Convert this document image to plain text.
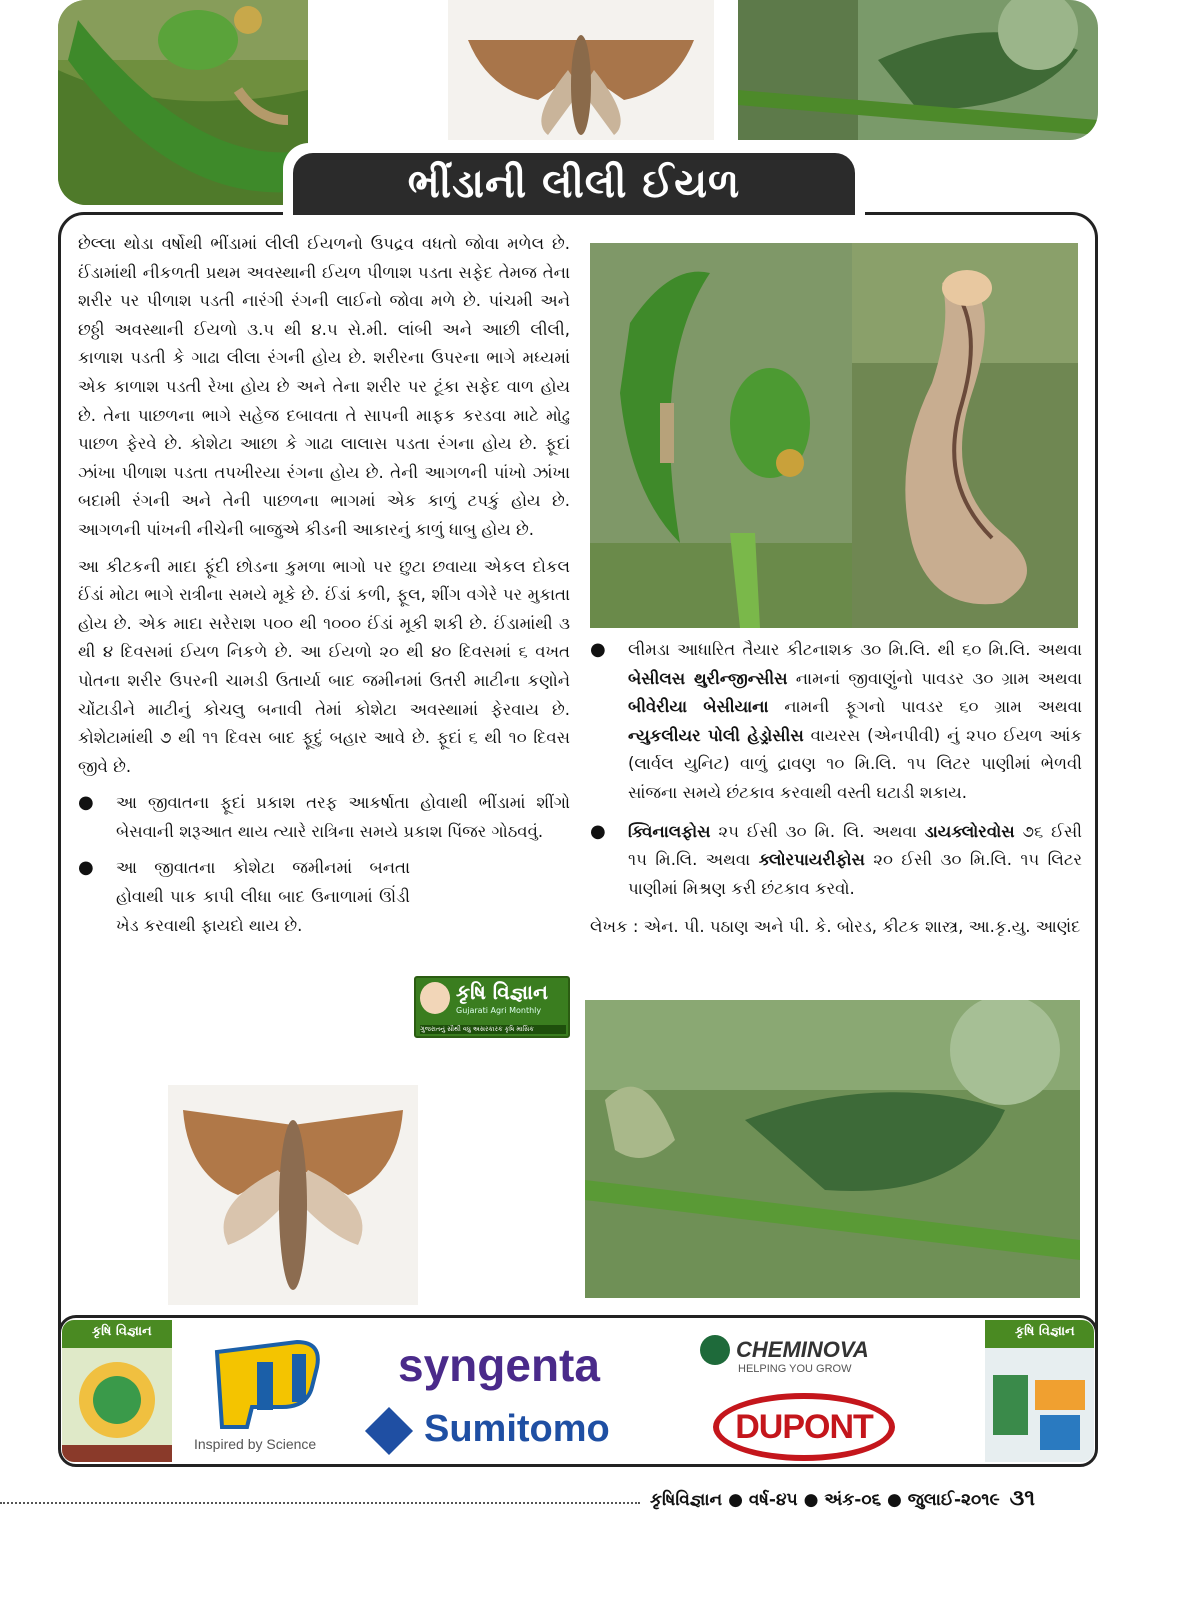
ભીંડાની લીલી ઈયળ

છેલ્લા થોડા વર્ષોથી ભીંડામાં લીલી ઈયળનો ઉપદ્રવ વધતો જોવા મળેલ છે. ઈંડામાંથી નીકળતી પ્રથમ અવસ્થાની ઈયળ પીળાશ પડતા સફેદ તેમજ તેના શરીર પર પીળાશ પડતી નારંગી રંગની લાઈનો જોવા મળે છે. પાંચમી અને છઠ્ઠી અવસ્થાની ઈયળો ૩.૫ થી ૪.૫ સે.મી. લાંબી અને આછી લીલી, કાળાશ પડતી કે ગાઢા લીલા રંગની હોય છે. શરીરના ઉપરના ભાગે મધ્યમાં એક કાળાશ પડતી રેખા હોય છે અને તેના શરીર પર ટૂંકા સફેદ વાળ હોય છે. તેના પાછળના ભાગે સહેજ દબાવતા તે સાપની માફક કરડવા માટે મોઢુ પાછળ ફેરવે છે. કોશેટા આછા કે ગાઢા લાલાસ પડતા રંગના હોય છે. ફૂદાં ઝાંખા પીળાશ પડતા તપખીરયા રંગના હોય છે. તેની આગળની પાંખો ઝાંખા બદામી રંગની અને તેની પાછળના ભાગમાં એક કાળું ટપકું હોય છે. આગળની પાંખની નીચેની બાજુએ કીડની આકારનું કાળું ધાબુ હોય છે.

આ કીટકની માદા ફૂંદી છોડના કુમળા ભાગો પર છુટા છવાયા એકલ દોકલ ઈંડાં મોટા ભાગે રાત્રીના સમયે મૂકે છે. ઈંડાં કળી, ફૂલ, શીંગ વગેરે પર મુકાતા હોય છે. એક માદા સરેરાશ ૫૦૦ થી ૧૦૦૦ ઈંડાં મૂકી શકી છે. ઈંડામાંથી ૩ થી ૪ દિવસમાં ઈયળ નિકળે છે. આ ઈયળો ૨૦ થી ૪૦ દિવસમાં ૬ વખત પોતના શરીર ઉપરની ચામડી ઉતાર્યા બાદ જમીનમાં ઉતરી માટીના કણોને ચોંટાડીને માટીનું કોચલુ બનાવી તેમાં કોશેટા અવસ્થામાં ફેરવાય છે. કોશેટામાંથી ૭ થી ૧૧ દિવસ બાદ ફૂદું બહાર આવે છે. ફૂદાં ૬ થી ૧૦ દિવસ જીવે છે.

●	આ જીવાતના ફૂદાં પ્રકાશ તરફ આકર્ષાતા હોવાથી ભીંડામાં શીંગો બેસવાની શરૂઆત થાય ત્યારે રાત્રિના સમયે પ્રકાશ પિંજર ગોઠવવું.
●	આ જીવાતના કોશેટા જમીનમાં બનતા હોવાથી પાક કાપી લીધા બાદ ઉનાળામાં ઊંડી ખેડ કરવાથી ફાયદો થાય છે.
કૃષિ વિજ્ઞાન
Gujarati Agri Monthly
ગુજરાતનું સૌથી વધુ અસરકારક કૃષિ માસિક
●	લીમડા આધારિત તૈયાર કીટનાશક ૩૦ મિ.લિ. થી ૬૦ મિ.લિ. અથવા બેસીલસ થુરીન્જીન્સીસ નામનાં જીવાણુંનો પાવડર ૩૦ ગ્રામ અથવા બીવેરીયા બેસીયાના નામની ફૂગનો પાવડર ૬૦ ગ્રામ અથવા ન્યુકલીયર પોલી હેડ્રોસીસ વાયરસ (એનપીવી) નું ૨૫૦ ઈયળ આંક (લાર્વલ યુનિટ) વાળું દ્રાવણ ૧૦ મિ.લિ. ૧૫ લિટર પાણીમાં ભેળવી સાંજના સમયે છંટકાવ કરવાથી વસ્તી ઘટાડી શકાય.
●	ક્વિનાલફોસ ૨૫ ઈસી ૩૦ મિ. લિ. અથવા ડાયક્લોરવોસ ૭૬ ઈસી ૧૫ મિ.લિ. અથવા ક્લોરપાયરીફોસ ૨૦ ઈસી ૩૦ મિ.લિ. ૧૫ લિટર પાણીમાં મિશ્રણ કરી છંટકાવ કરવો.
લેખક : એન. પી. પઠાણ અને પી. કે. બોરડ, કીટક શાસ્ત્ર, આ.કૃ.યુ. આણંદ
કૃષિ વિજ્ઞાન
Inspired by Science
syngenta
Sumitomo
CHEMINOVA
HELPING YOU GROW
DUPONT
કૃષિ વિજ્ઞાન
કૃષિવિજ્ઞાન ● વર્ષ-૪૫ ● અંક-૦૬ ● જુલાઈ-૨૦૧૯ ૩૧
